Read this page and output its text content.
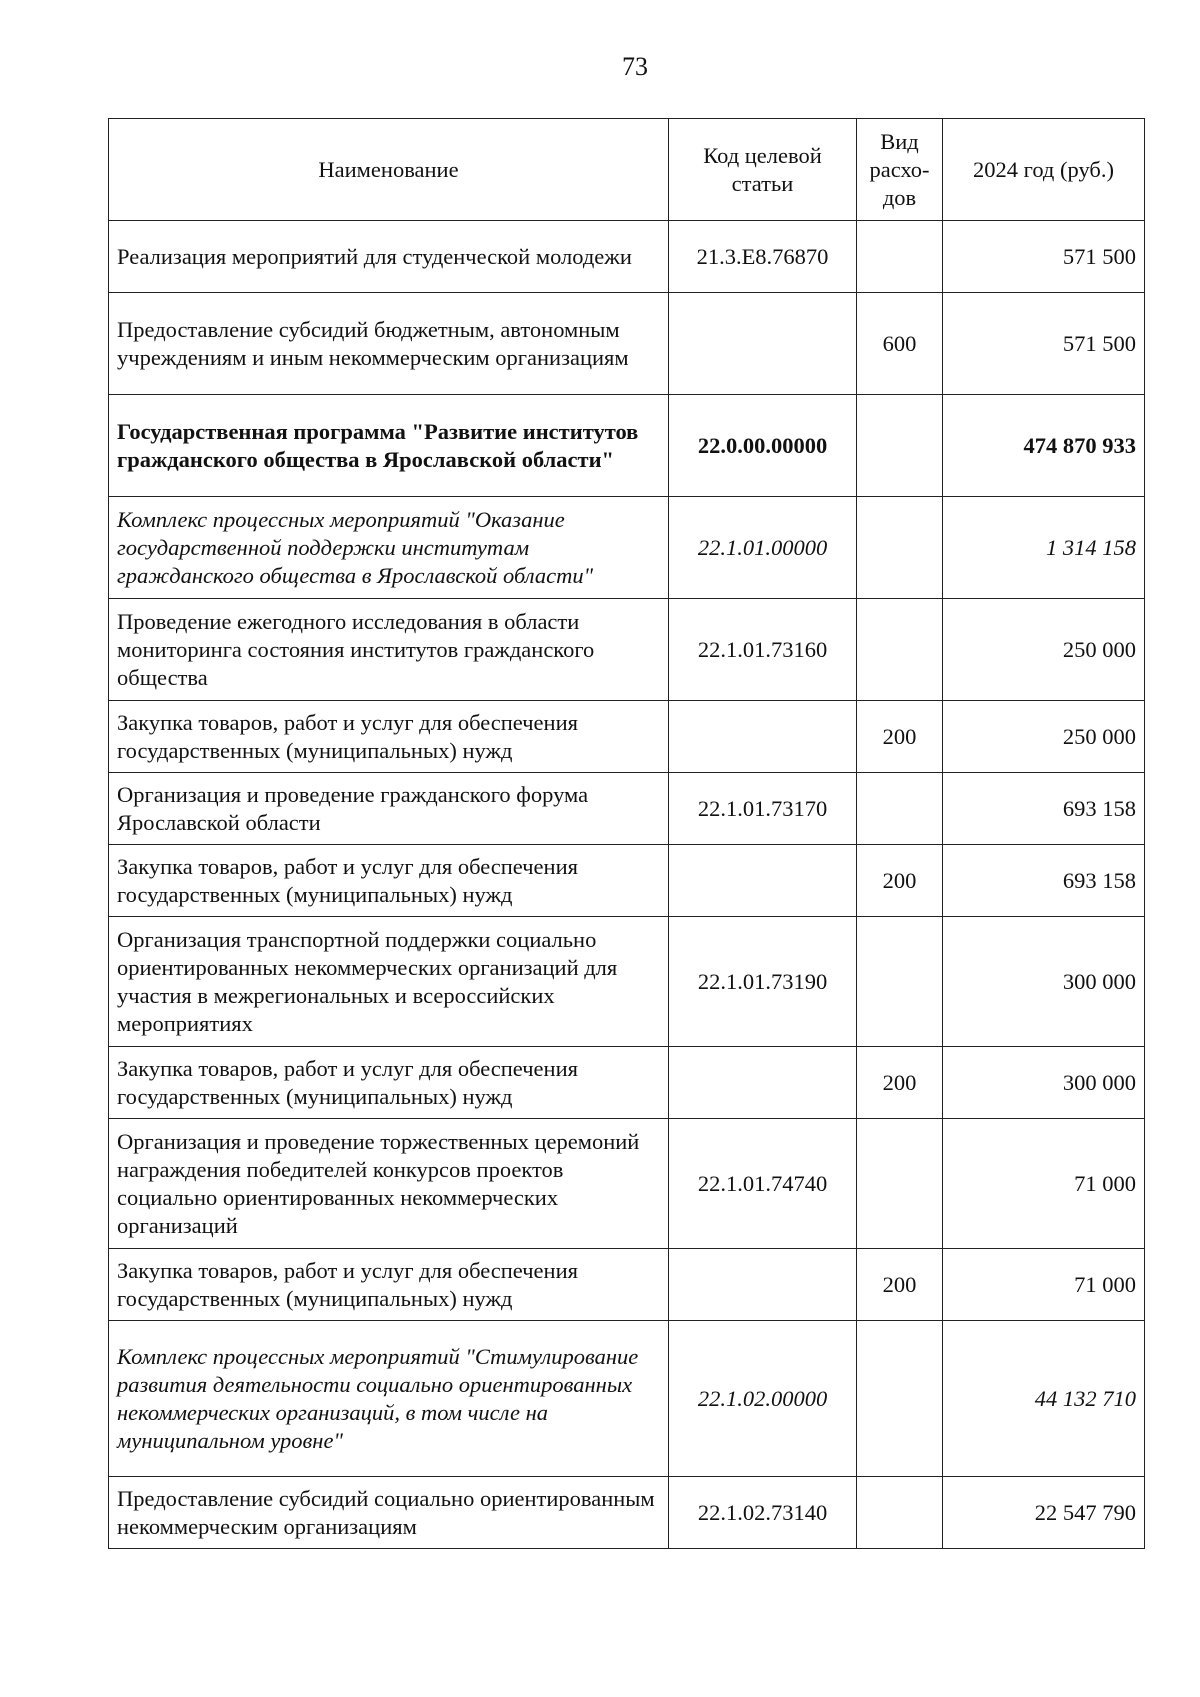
73
Наименование	Код целевой статьи	Вид расхо-дов	2024 год (руб.)
Реализация мероприятий для студенческой молодежи	21.3.Е8.76870		571 500
Предоставление субсидий бюджетным, автономным учреждениям и иным некоммерческим организациям		600	571 500
Государственная программа "Развитие институтов гражданского общества в Ярославской области"	22.0.00.00000		474 870 933
Комплекс процессных мероприятий "Оказание государственной поддержки институтам гражданского общества в Ярославской области"	22.1.01.00000		1 314 158
Проведение ежегодного исследования в области мониторинга состояния институтов гражданского общества	22.1.01.73160		250 000
Закупка товаров, работ и услуг для обеспечения государственных (муниципальных) нужд		200	250 000
Организация и проведение гражданского форума Ярославской области	22.1.01.73170		693 158
Закупка товаров, работ и услуг для обеспечения государственных (муниципальных) нужд		200	693 158
Организация транспортной поддержки социально ориентированных некоммерческих организаций для участия в межрегиональных и всероссийских мероприятиях	22.1.01.73190		300 000
Закупка товаров, работ и услуг для обеспечения государственных (муниципальных) нужд		200	300 000
Организация и проведение торжественных церемоний награждения победителей конкурсов проектов социально ориентированных некоммерческих организаций	22.1.01.74740		71 000
Закупка товаров, работ и услуг для обеспечения государственных (муниципальных) нужд		200	71 000
Комплекс процессных мероприятий "Стимулирование развития деятельности социально ориентированных некоммерческих организаций, в том числе на муниципальном уровне"	22.1.02.00000		44 132 710
Предоставление субсидий социально ориентированным некоммерческим организациям	22.1.02.73140		22 547 790
